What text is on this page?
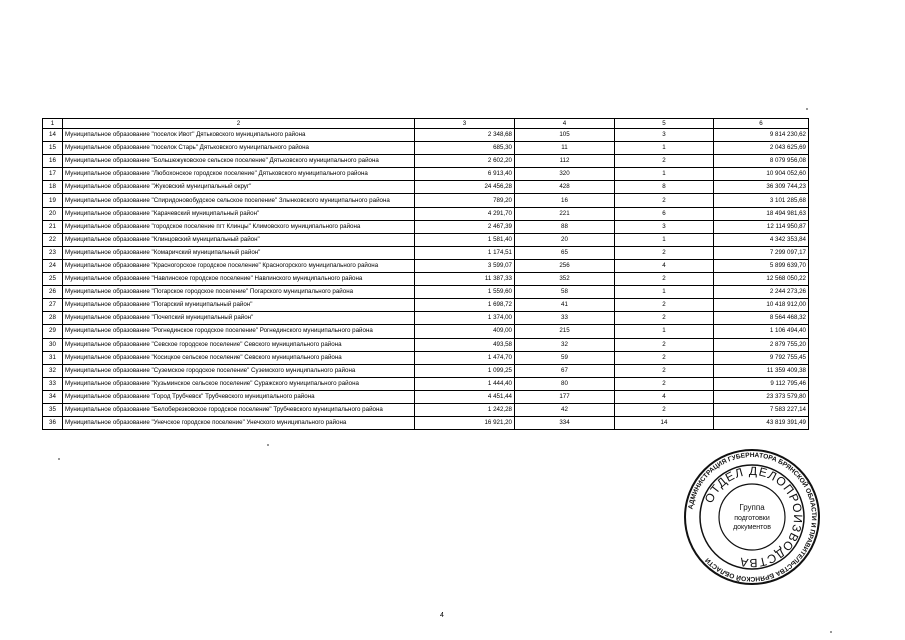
1	2	3	4	5	6
14	Муниципальное образование "поселок Ивот" Дятьковского муниципального района	2 348,68	105	3	9 814 230,62
15	Муниципальное образование "поселок Старь" Дятьковского муниципального района	685,30	11	1	2 043 625,69
16	Муниципальное образование "Большежуковское сельское поселение" Дятьковского муниципального района	2 602,20	112	2	8 079 956,08
17	Муниципальное образование "Любохонское городское поселение" Дятьковского муниципального района	6 913,40	320	1	10 904 052,60
18	Муниципальное образование "Жуковский муниципальный округ"	24 456,28	428	8	36 309 744,23
19	Муниципальное образование "Спиридоновобудское сельское поселение" Злынковского муниципального района	789,20	16	2	3 101 285,68
20	Муниципальное образование "Карачевский муниципальный район"	4 291,70	221	6	18 494 981,63
21	Муниципальное образование "городское поселение пгт Клинцы" Климовского муниципального района	2 467,39	88	3	12 114 950,87
22	Муниципальное образование "Клинцовский муниципальный район"	1 581,40	20	1	4 342 353,84
23	Муниципальное образование "Комаричский муниципальный район"	1 174,51	65	2	7 299 097,17
24	Муниципальное образование "Красногорское городское поселение" Красногорского муниципального района	3 599,07	256	4	5 899 639,70
25	Муниципальное образование "Навлинское городское поселение" Навлинского муниципального района	11 387,33	352	2	12 568 050,22
26	Муниципальное образование "Погарское городское поселение" Погарского муниципального района	1 559,60	58	1	2 244 273,26
27	Муниципальное образование "Погарский муниципальный район"	1 698,72	41	2	10 418 912,00
28	Муниципальное образование "Почепский муниципальный район"	1 374,00	33	2	8 564 468,32
29	Муниципальное образование "Рогнединское городское поселение" Рогнединского муниципального района	409,00	215	1	1 106 494,40
30	Муниципальное образование "Севское городское поселение" Севского муниципального района	493,58	32	2	2 879 755,20
31	Муниципальное образование "Косицкое сельское поселение" Севского муниципального района	1 474,70	59	2	9 792 755,45
32	Муниципальное образование "Суземское городское поселение" Суземского муниципального района	1 099,25	67	2	11 359 409,38
33	Муниципальное образование "Кузьминское сельское поселение" Суражского муниципального района	1 444,40	80	2	9 112 795,46
34	Муниципальное образование "Город Трубчевск" Трубчевского муниципального района	4 451,44	177	4	23 373 579,80
35	Муниципальное образование "Белоберезковское городское поселение" Трубчевского муниципального района	1 242,28	42	2	7 583 227,14
36	Муниципальное образование "Унечское городское поселение" Унечского муниципального района	16 921,20	334	14	43 819 391,49
4
АДМИНИСТРАЦИЯ ГУБЕРНАТОРА БРЯНСКОЙ ОБЛАСТИ И ПРАВИТЕЛЬСТВА БРЯНСКОЙ ОБЛАСТИ
ОТДЕЛ ДЕЛОПРОИЗВОДСТВА
Группа
подготовки
документов
